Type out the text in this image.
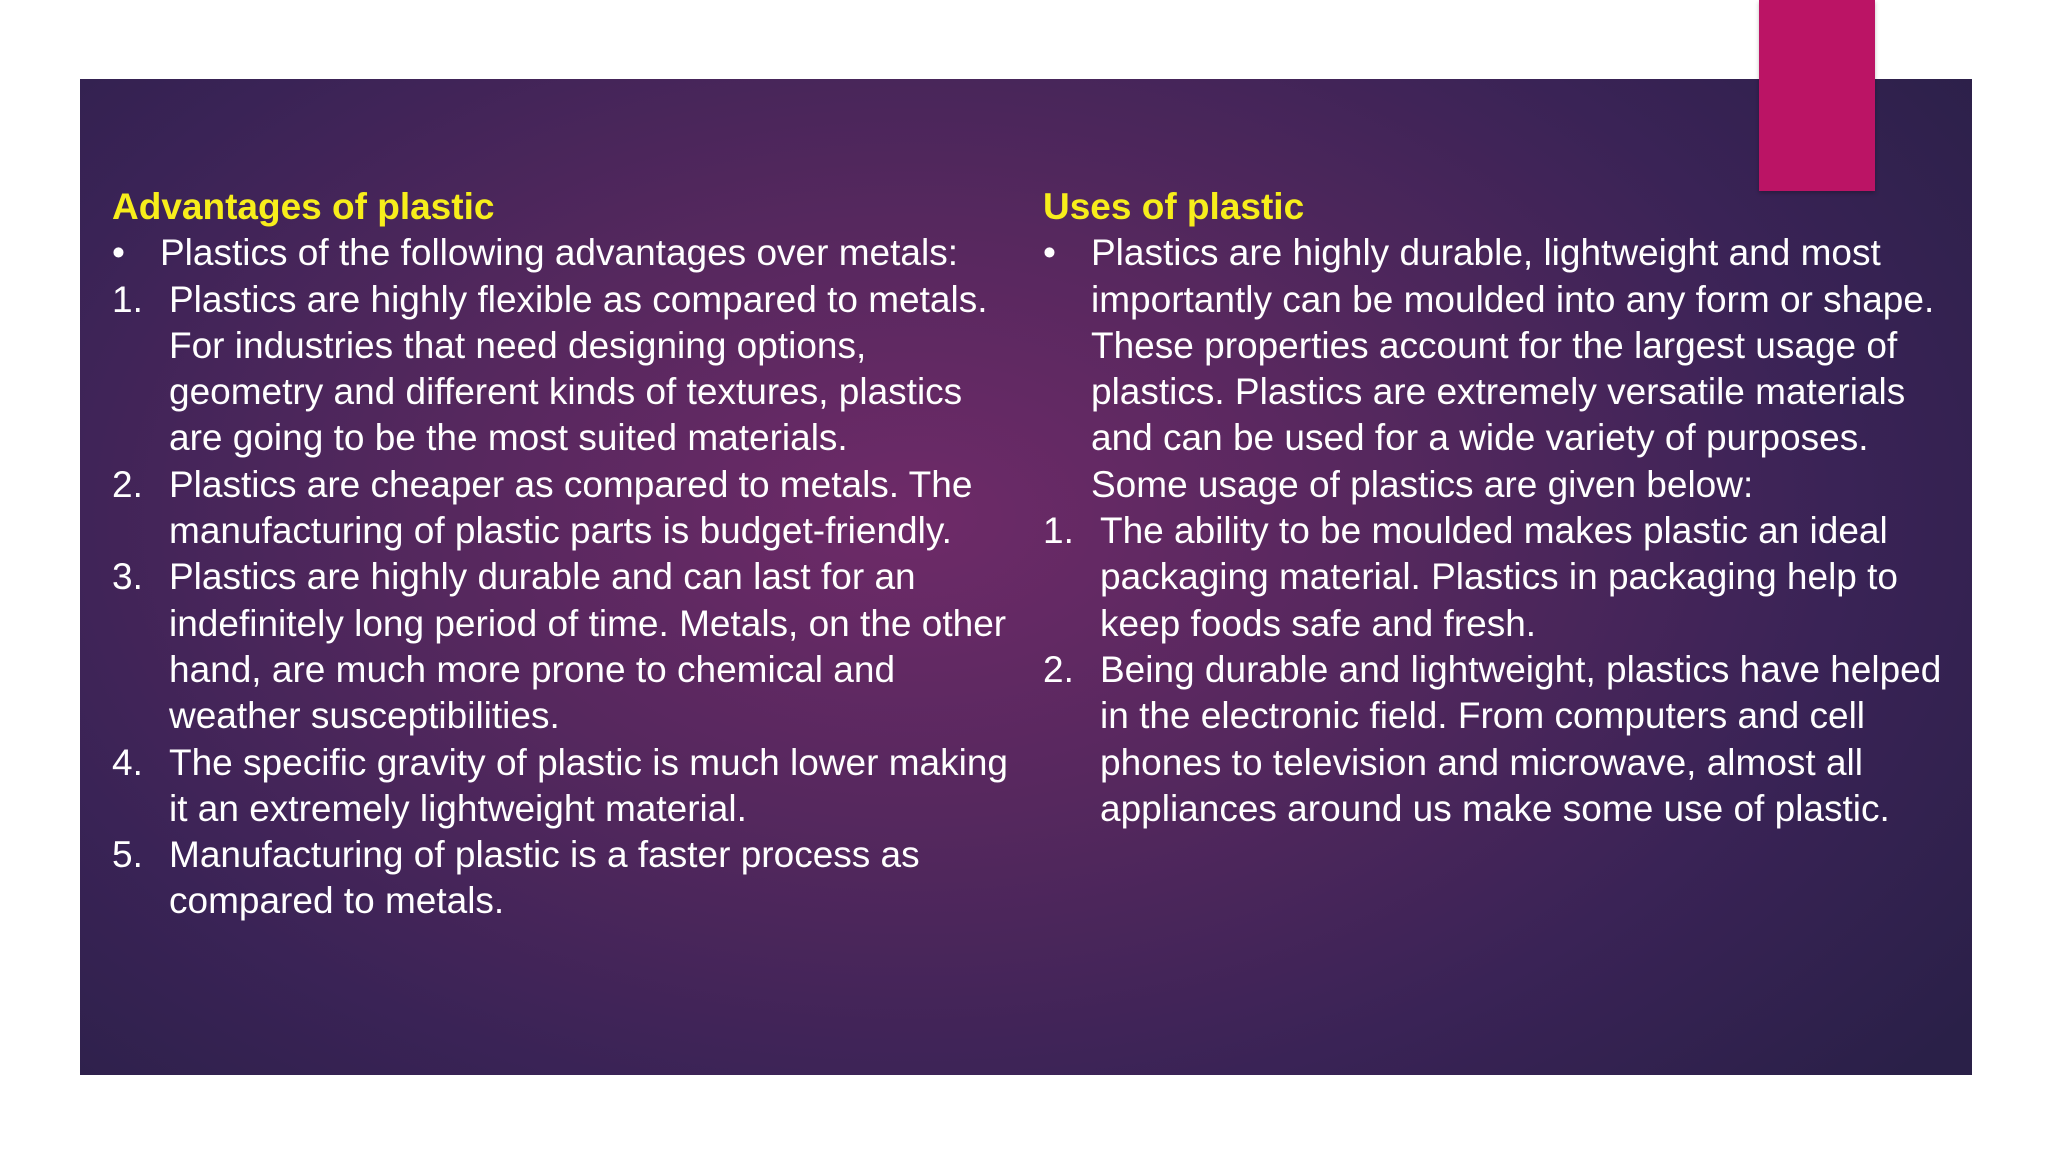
Advantages of plastic

• Plastics of the following advantages over metals:

1. Plastics are highly flexible as compared to metals. For industries that need designing options, geometry and different kinds of textures, plastics are going to be the most suited materials.

2. Plastics are cheaper as compared to metals. The manufacturing of plastic parts is budget-friendly.

3. Plastics are highly durable and can last for an indefinitely long period of time. Metals, on the other hand, are much more prone to chemical and weather susceptibilities.

4. The specific gravity of plastic is much lower making it an extremely lightweight material.

5. Manufacturing of plastic is a faster process as compared to metals.

Uses of plastic

• Plastics are highly durable, lightweight and most importantly can be moulded into any form or shape. These properties account for the largest usage of plastics. Plastics are extremely versatile materials and can be used for a wide variety of purposes. Some usage of plastics are given below:

1. The ability to be moulded makes plastic an ideal packaging material. Plastics in packaging help to keep foods safe and fresh.

2. Being durable and lightweight, plastics have helped in the electronic field. From computers and cell phones to television and microwave, almost all appliances around us make some use of plastic.
